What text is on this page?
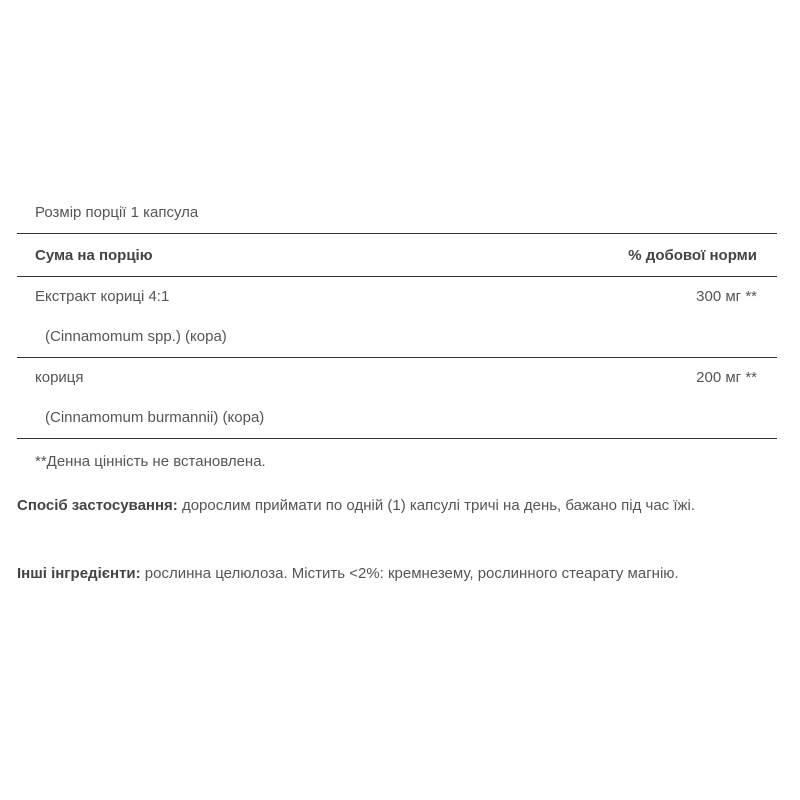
Розмір порції 1 капсула
Сума на порцію	% добової норми
Екстракт кориці 4:1	300 мг **
(Cinnamomum spp.) (кора)
кориця	200 мг **
(Cinnamomum burmannii) (кора)
**Денна цінність не встановлена.
Спосіб застосування: дорослим приймати по одній (1) капсулі тричі на день, бажано під час їжі.
Інші інгредієнти: рослинна целюлоза. Містить <2%: кремнезему, рослинного стеарату магнію.
